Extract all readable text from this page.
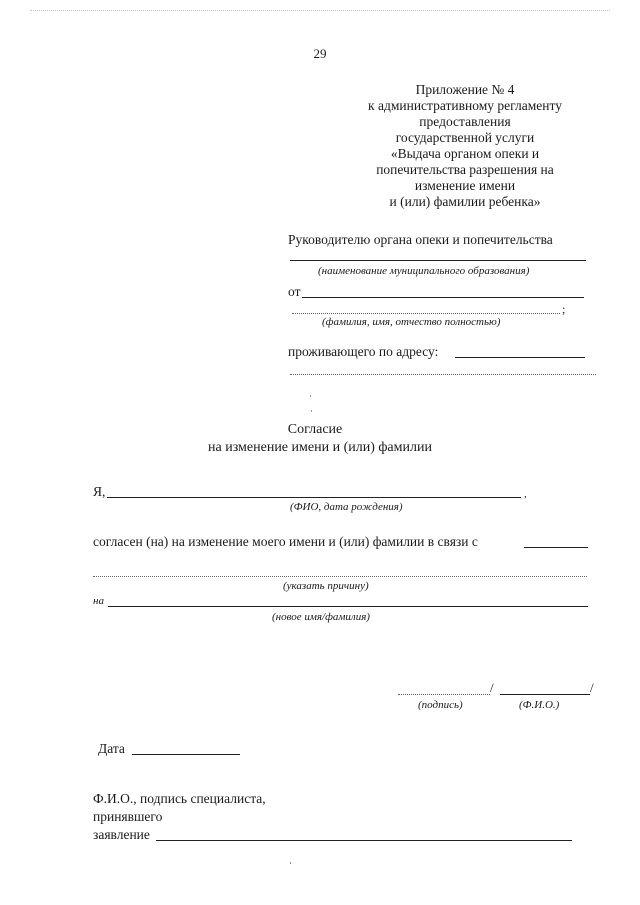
29
Приложение № 4
к административному регламенту
предоставления
государственной услуги
«Выдача органом опеки и
попечительства разрешения на
изменение имени
и (или) фамилии ребенка»
Руководителю органа опеки и попечительства
(наименование муниципального образования)
от
;
(фамилия, имя, отчество полностью)
проживающего по адресу:
Согласие
на изменение имени и (или) фамилии
Я,	,
(ФИО, дата рождения)
согласен (на) на изменение моего имени и (или) фамилии в связи с
(указать причину)
на
(новое имя/фамилия)
/	/
(подпись)	(Ф.И.О.)
Дата
Ф.И.О., подпись специалиста,
принявшего
заявление
